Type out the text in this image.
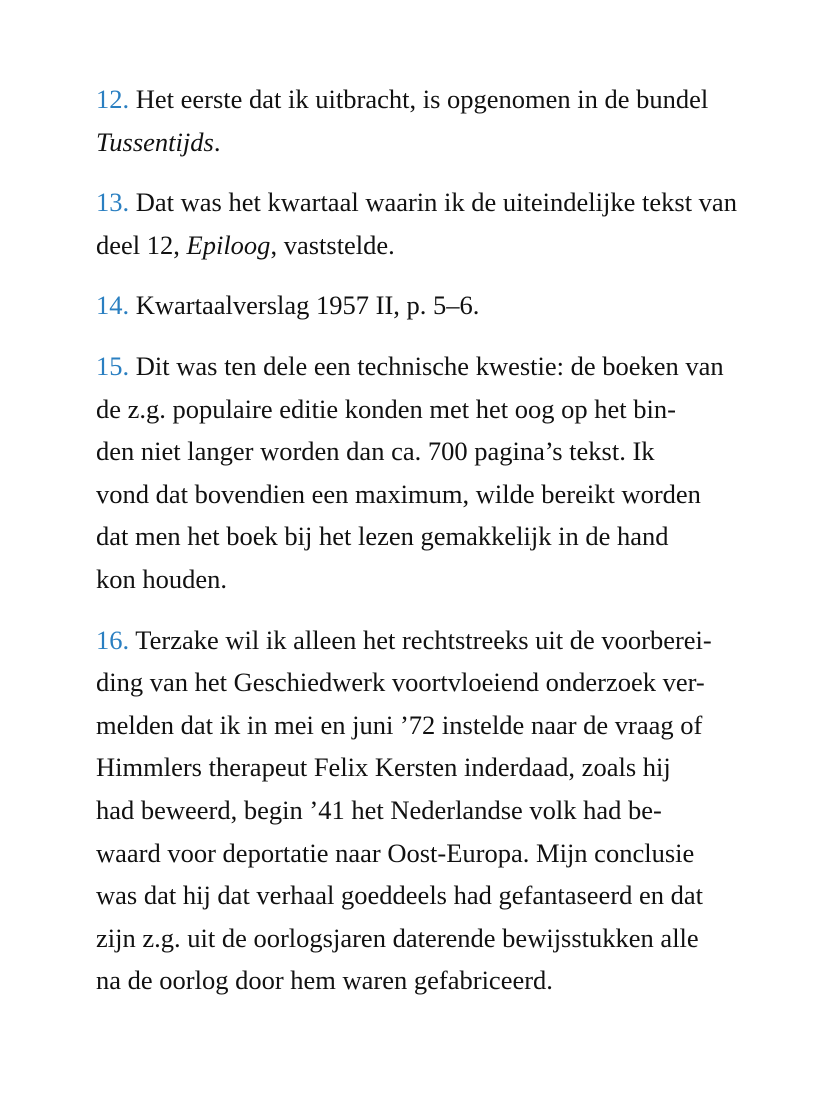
12 . Het eerste dat ik uitbracht, is opgenomen in de bundel
Tussentijds.

13 . Dat was het kwartaal waarin ik de uiteindelijke tekst van
deel 12, Epiloog, vaststelde.

14 . Kwartaalverslag 1957 II, p. 5–6.

15 . Dit was ten dele een technische kwestie: de boeken van
de z.g. populaire editie konden met het oog op het bin-
den niet langer worden dan ca. 700 pagina’s tekst. Ik
vond dat bovendien een maximum, wilde bereikt worden
dat men het boek bij het lezen gemakkelijk in de hand
kon houden.

16 . Terzake wil ik alleen het rechtstreeks uit de voorberei-
ding van het Geschiedwerk voortvloeiend onderzoek ver-
melden dat ik in mei en juni ’72 instelde naar de vraag of
Himmlers therapeut Felix Kersten inderdaad, zoals hij
had beweerd, begin ’41 het Nederlandse volk had be-
waard voor deportatie naar Oost-Europa. Mijn conclusie
was dat hij dat verhaal goeddeels had gefantaseerd en dat
zijn z.g. uit de oorlogsjaren daterende bewijsstukken alle
na de oorlog door hem waren gefabriceerd.
